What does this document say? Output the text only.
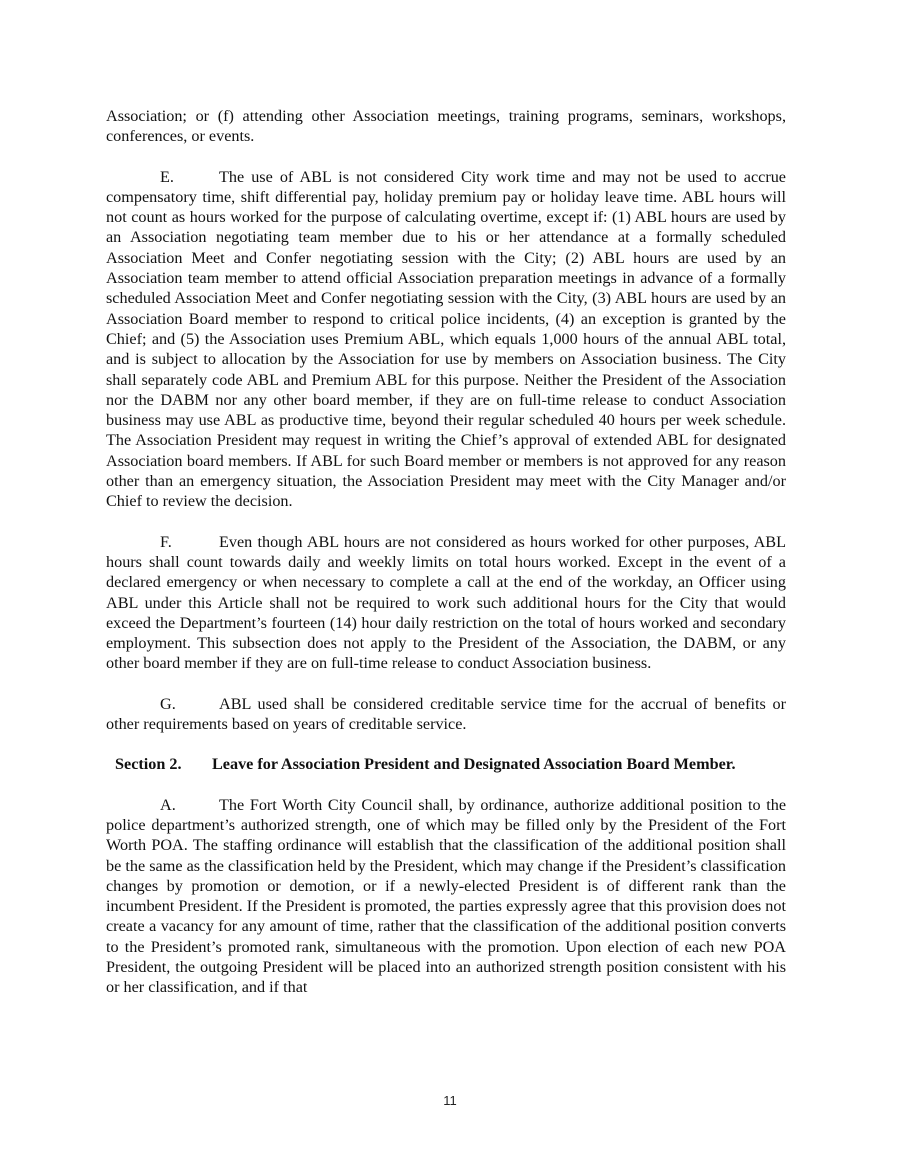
Association; or (f) attending other Association meetings, training programs, seminars, workshops, conferences, or events.

E.	The use of ABL is not considered City work time and may not be used to accrue compensatory time, shift differential pay, holiday premium pay or holiday leave time. ABL hours will not count as hours worked for the purpose of calculating overtime, except if: (1) ABL hours are used by an Association negotiating team member due to his or her attendance at a formally scheduled Association Meet and Confer negotiating session with the City; (2) ABL hours are used by an Association team member to attend official Association preparation meetings in advance of a formally scheduled Association Meet and Confer negotiating session with the City, (3) ABL hours are used by an Association Board member to respond to critical police incidents, (4) an exception is granted by the Chief; and (5) the Association uses Premium ABL, which equals 1,000 hours of the annual ABL total, and is subject to allocation by the Association for use by members on Association business. The City shall separately code ABL and Premium ABL for this purpose. Neither the President of the Association nor the DABM nor any other board member, if they are on full-time release to conduct Association business may use ABL as productive time, beyond their regular scheduled 40 hours per week schedule. The Association President may request in writing the Chief’s approval of extended ABL for designated Association board members. If ABL for such Board member or members is not approved for any reason other than an emergency situation, the Association President may meet with the City Manager and/or Chief to review the decision.

F.	Even though ABL hours are not considered as hours worked for other purposes, ABL hours shall count towards daily and weekly limits on total hours worked. Except in the event of a declared emergency or when necessary to complete a call at the end of the workday, an Officer using ABL under this Article shall not be required to work such additional hours for the City that would exceed the Department’s fourteen (14) hour daily restriction on the total of hours worked and secondary employment. This subsection does not apply to the President of the Association, the DABM, or any other board member if they are on full-time release to conduct Association business.

G.	ABL used shall be considered creditable service time for the accrual of benefits or other requirements based on years of creditable service.

Section 2. Leave for Association President and Designated Association Board Member.

A.	The Fort Worth City Council shall, by ordinance, authorize additional position to the police department’s authorized strength, one of which may be filled only by the President of the Fort Worth POA. The staffing ordinance will establish that the classification of the additional position shall be the same as the classification held by the President, which may change if the President’s classification changes by promotion or demotion, or if a newly-elected President is of different rank than the incumbent President. If the President is promoted, the parties expressly agree that this provision does not create a vacancy for any amount of time, rather that the classification of the additional position converts to the President’s promoted rank, simultaneous with the promotion. Upon election of each new POA President, the outgoing President will be placed into an authorized strength position consistent with his or her classification, and if that

11
